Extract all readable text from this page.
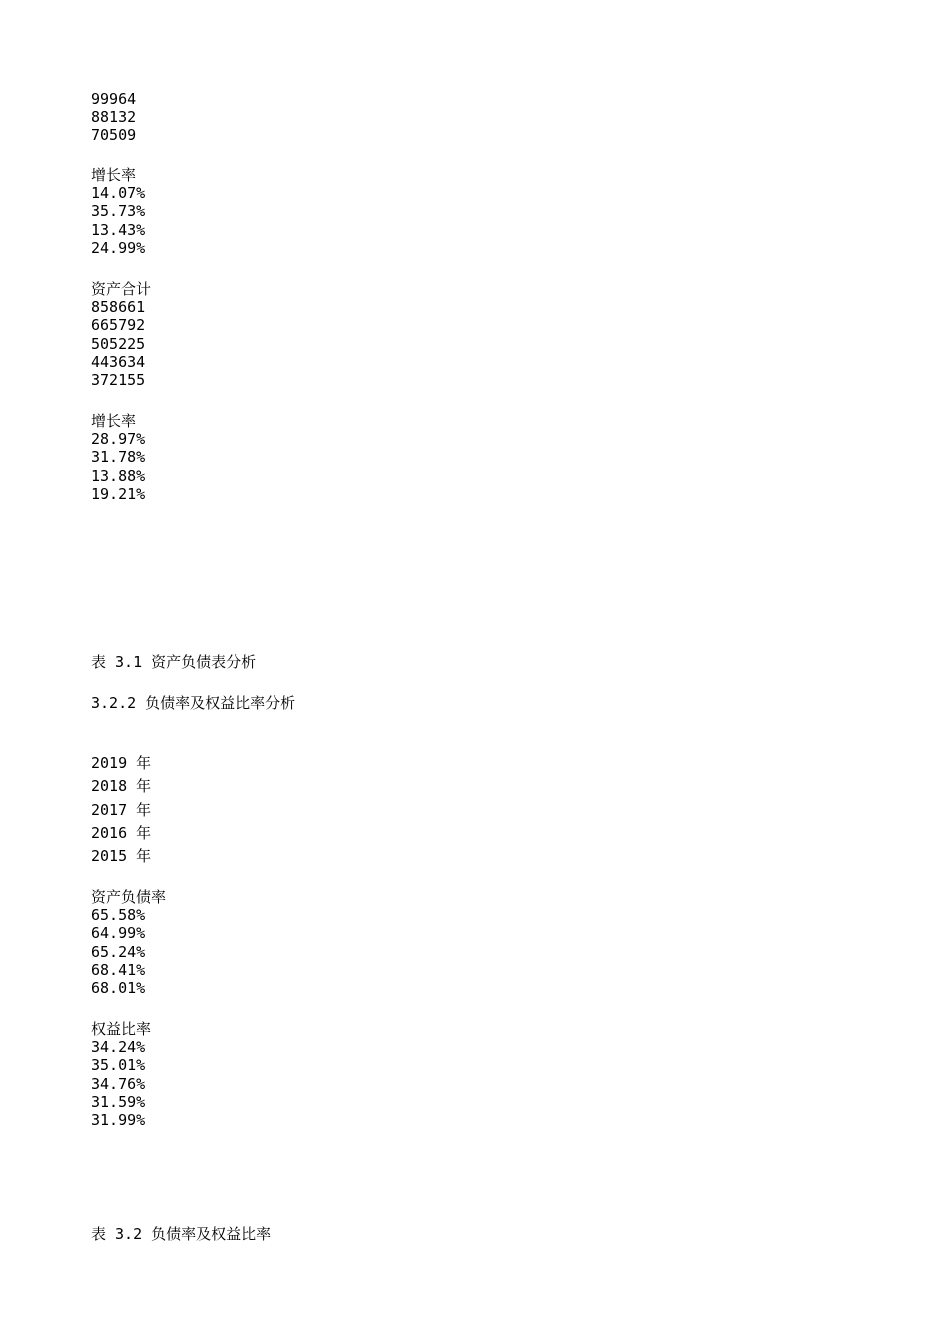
99964
88132
70509
增长率
14.07%
35.73%
13.43%
24.99%
资产合计
858661
665792
505225
443634
372155
增长率
28.97%
31.78%
13.88%
19.21%
表 3.1 资产负债表分析
3.2.2 负债率及权益比率分析
2019 年
2018 年
2017 年
2016 年
2015 年
资产负债率
65.58%
64.99%
65.24%
68.41%
68.01%
权益比率
34.24%
35.01%
34.76%
31.59%
31.99%
表 3.2 负债率及权益比率
